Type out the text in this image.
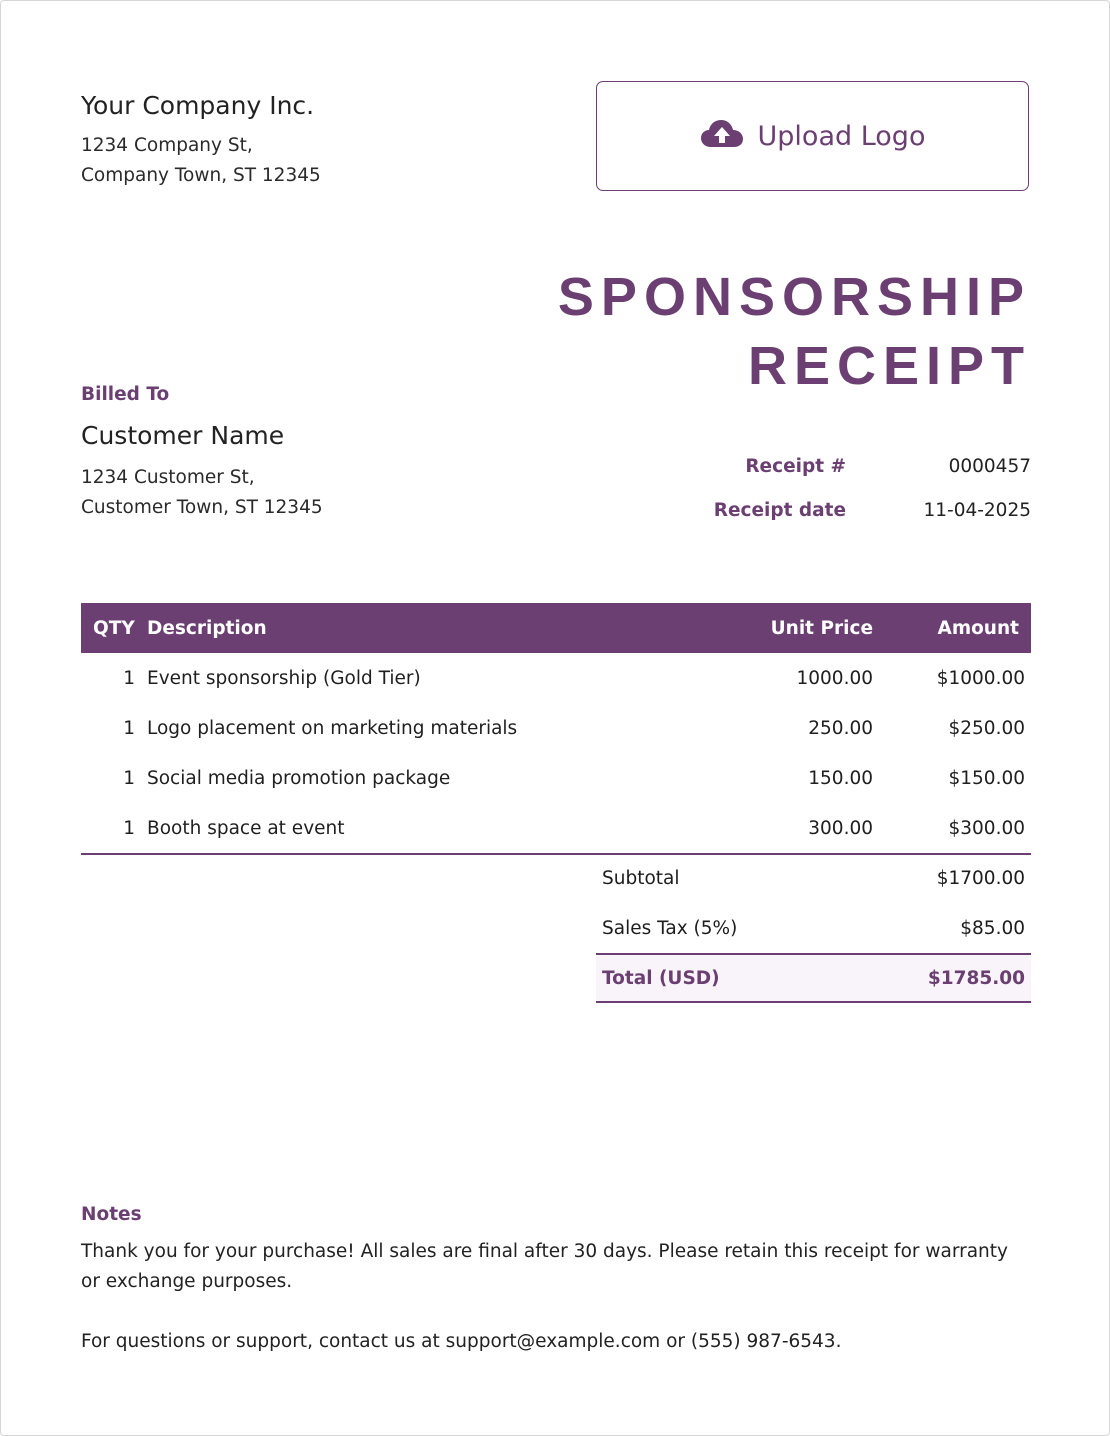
Your Company Inc.
1234 Company St,
Company Town, ST 12345
Upload Logo
SPONSORSHIP
RECEIPT
Billed To
Customer Name
1234 Customer St,
Customer Town, ST 12345
Receipt #	0000457
Receipt date	11-04-2025
QTY	Description	Unit Price	Amount
1	Event sponsorship (Gold Tier)	1000.00	$1000.00
1	Logo placement on marketing materials	250.00	$250.00
1	Social media promotion package	150.00	$150.00
1	Booth space at event	300.00	$300.00
Subtotal	$1700.00
Sales Tax (5%)	$85.00
Total (USD)	$1785.00
Notes
Thank you for your purchase! All sales are final after 30 days. Please retain this receipt for warranty or exchange purposes.
For questions or support, contact us at support@example.com or (555) 987-6543.
